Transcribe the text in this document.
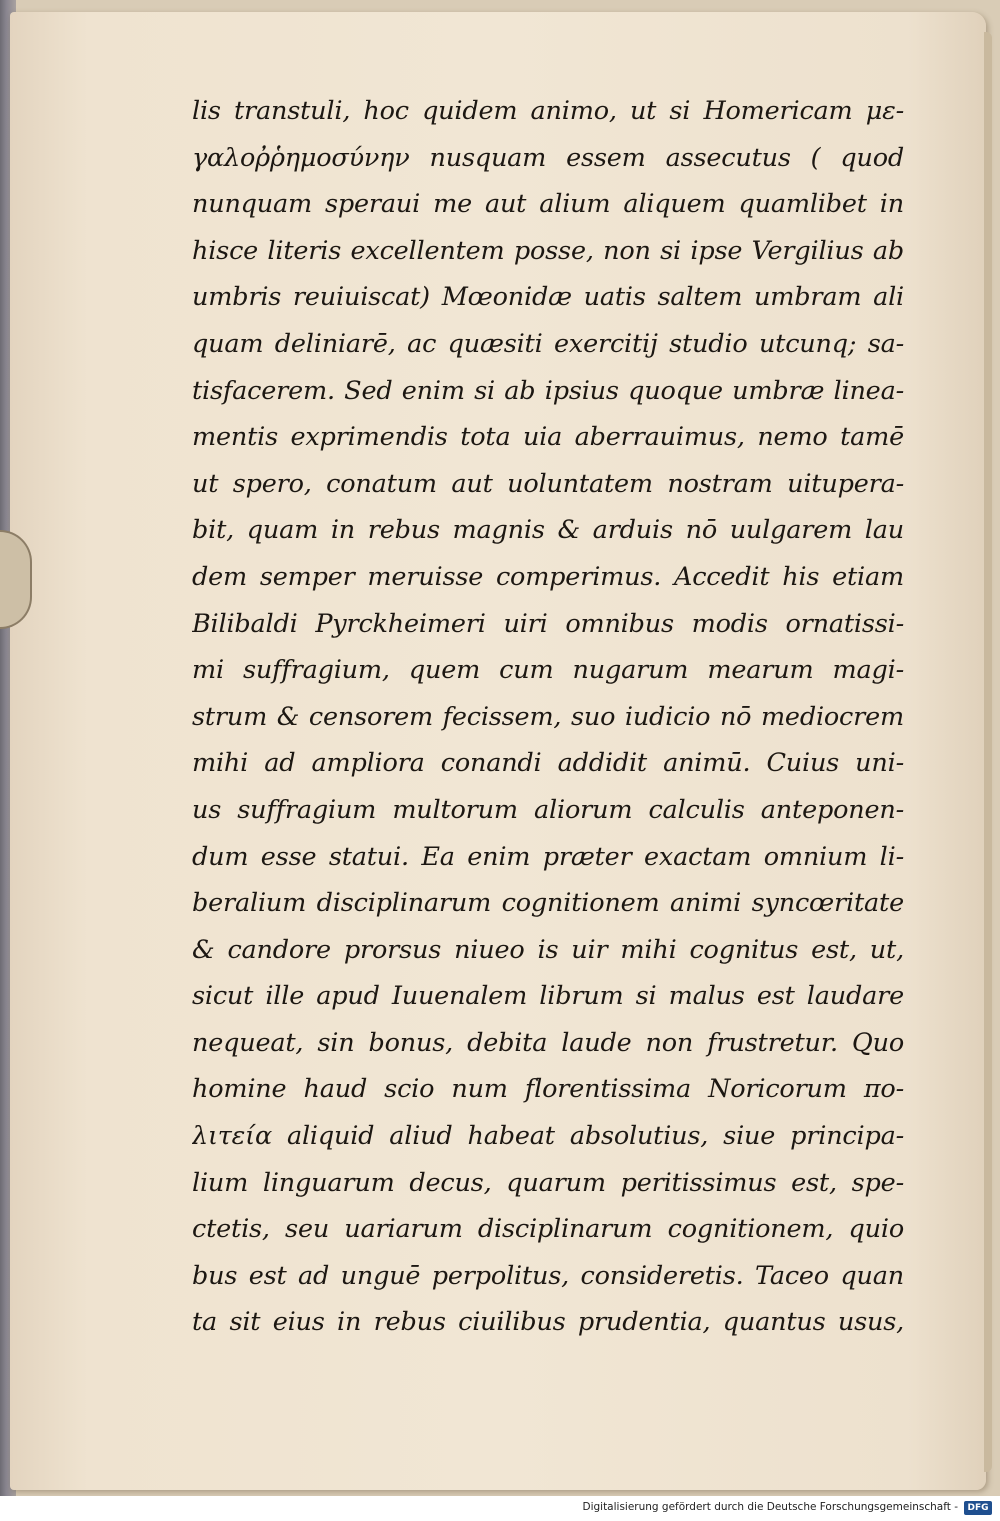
lis transtuli, hoc quidem animo, ut si Homericam με-
γαλοῤῥημοσύνην nusquam essem assecutus ( quod
nunquam speraui me aut alium aliquem quamlibet in
hisce literis excellentem posse, non si ipse Vergilius ab
umbris reuiuiscat) Mœonidæ uatis saltem umbram ali
quam deliniarē, ac quæsiti exercitij studio utcunq; sa-
tisfacerem. Sed enim si ab ipsius quoque umbræ linea-
mentis exprimendis tota uia aberrauimus, nemo tamē
ut spero, conatum aut uoluntatem nostram uitupera-
bit, quam in rebus magnis & arduis nō uulgarem lau
dem semper meruisse comperimus. Accedit his etiam
Bilibaldi Pyrckheimeri uiri omnibus modis ornatissi-
mi suffragium, quem cum nugarum mearum magi-
strum & censorem fecissem, suo iudicio nō mediocrem
mihi ad ampliora conandi addidit animū. Cuius uni-
us suffragium multorum aliorum calculis anteponen-
dum esse statui. Ea enim præter exactam omnium li-
beralium disciplinarum cognitionem animi syncœritate
& candore prorsus niueo is uir mihi cognitus est, ut,
sicut ille apud Iuuenalem librum si malus est laudare
nequeat, sin bonus, debita laude non frustretur. Quo
homine haud scio num florentissima Noricorum πο-
λιτεία aliquid aliud habeat absolutius, siue principa-
lium linguarum decus, quarum peritissimus est, spe-
ctetis, seu uariarum disciplinarum cognitionem, quio
bus est ad unguē perpolitus, consideretis. Taceo quan
ta sit eius in rebus ciuilibus prudentia, quantus usus,
Digitalisierung gefördert durch die Deutsche Forschungsgemeinschaft -	DFG
